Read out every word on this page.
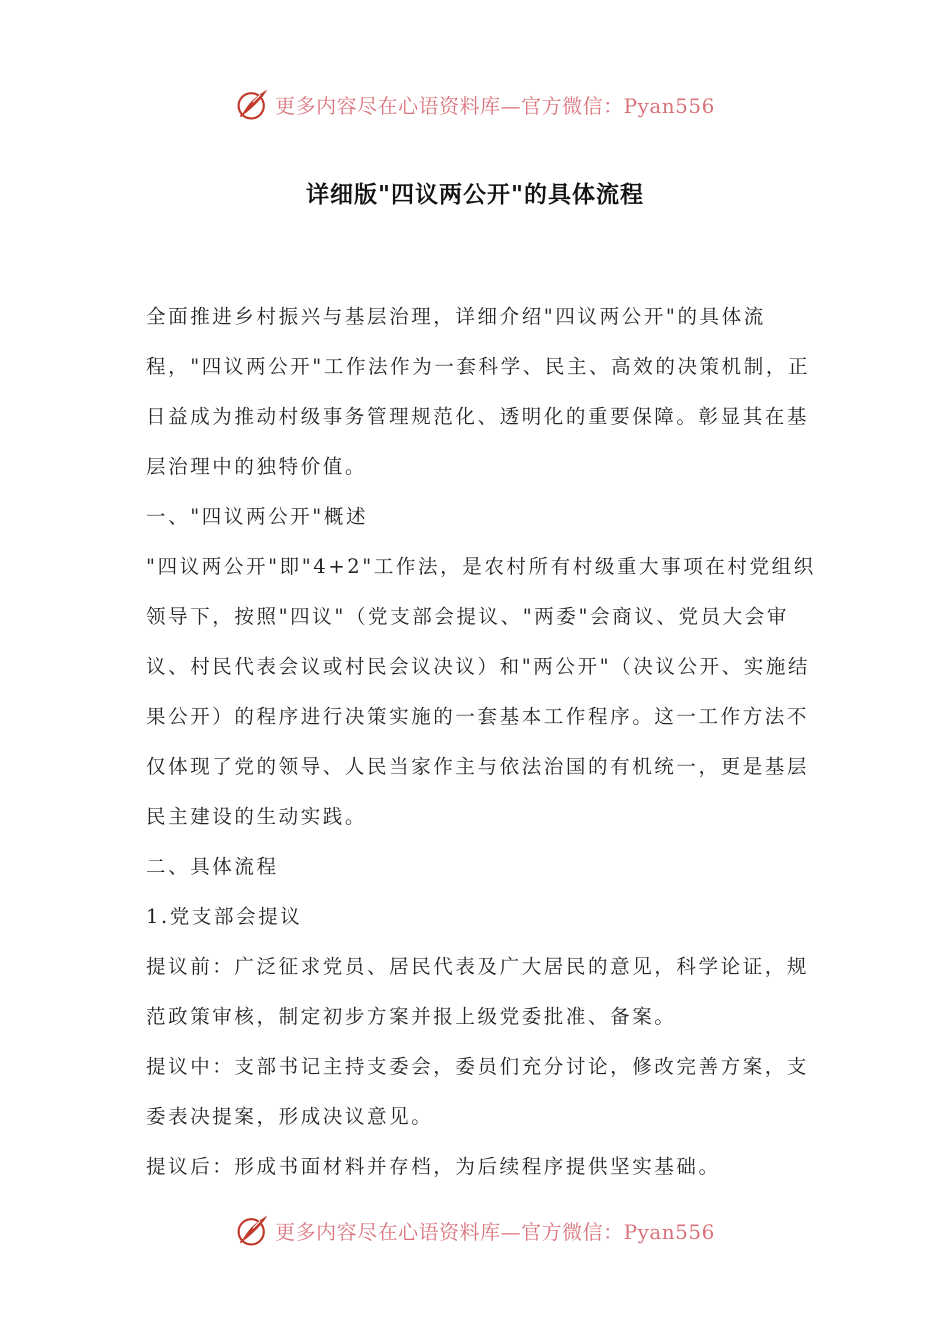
更多内容尽在心语资料库—官方微信：Pyan556
详细版"四议两公开"的具体流程

全面推进乡村振兴与基层治理，详细介绍"四议两公开"的具体流程，"四议两公开"工作法作为一套科学、民主、高效的决策机制，正日益成为推动村级事务管理规范化、透明化的重要保障。彰显其在基层治理中的独特价值。

一、"四议两公开"概述

"四议两公开"即"4+2"工作法，是农村所有村级重大事项在村党组织领导下，按照"四议"（党支部会提议、"两委"会商议、党员大会审议、村民代表会议或村民会议决议）和"两公开"（决议公开、实施结果公开）的程序进行决策实施的一套基本工作程序。这一工作方法不仅体现了党的领导、人民当家作主与依法治国的有机统一，更是基层民主建设的生动实践。

二、具体流程

1.党支部会提议

提议前：广泛征求党员、居民代表及广大居民的意见，科学论证，规范政策审核，制定初步方案并报上级党委批准、备案。

提议中：支部书记主持支委会，委员们充分讨论，修改完善方案，支委表决提案，形成决议意见。

提议后：形成书面材料并存档，为后续程序提供坚实基础。

更多内容尽在心语资料库—官方微信：Pyan556
